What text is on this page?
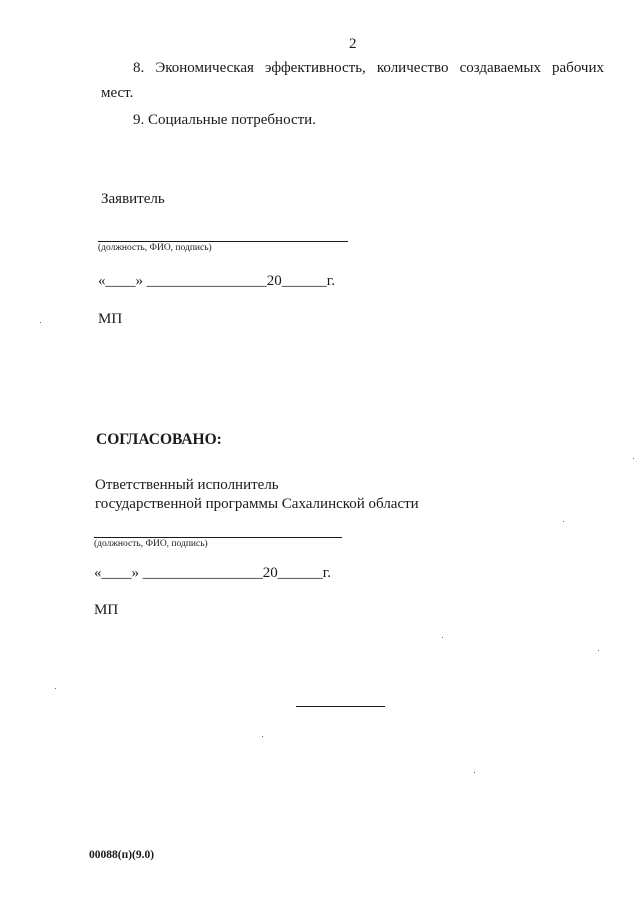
2
8. Экономическая эффективность, количество создаваемых рабочих
мест.
9. Социальные потребности.
Заявитель
(должность, ФИО, подпись)
«____» ________________20______г.
МП
СОГЛАСОВАНО:
Ответственный исполнитель
государственной программы Сахалинской области
(должность, ФИО, подпись)
«____» ________________20______г.
МП
00088(п)(9.0)
